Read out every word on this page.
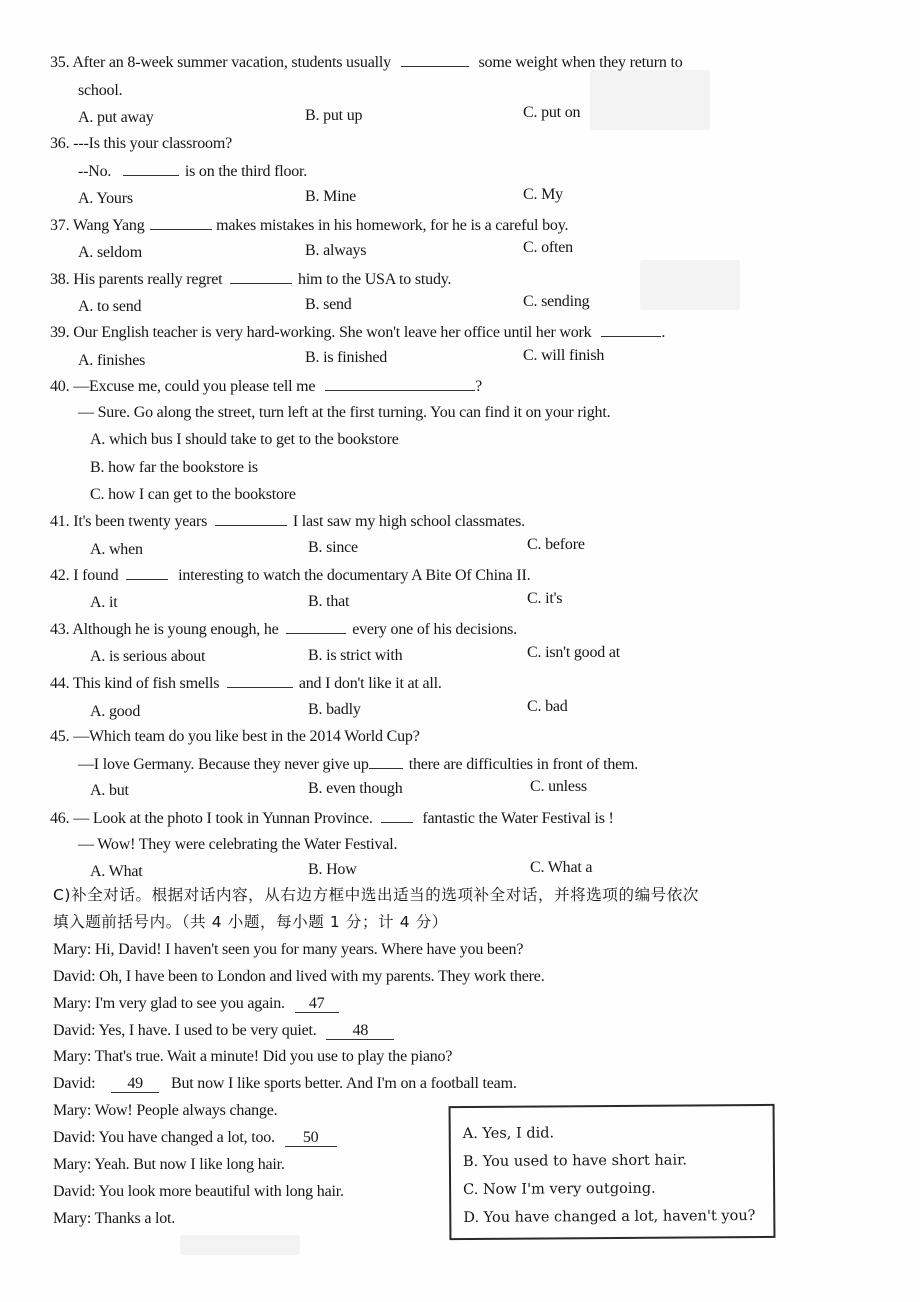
35. After an 8-week summer vacation, students usually	some weight when they return to
school.
A. put away	B. put up	C. put on
36. ---Is this your classroom?
--No.	is on the third floor.
A. Yours	B. Mine	C. My
37. Wang Yang	makes mistakes in his homework, for he is a careful boy.
A. seldom	B. always	C. often
38. His parents really regret	him to the USA to study.
A. to send	B. send	C. sending
39. Our English teacher is very hard-working. She won't leave her office until her work	.
A. finishes	B. is finished	C. will finish
40. —Excuse me, could you please tell me	?
— Sure. Go along the street, turn left at the first turning. You can find it on your right.
A. which bus I should take to get to the bookstore
B. how far the bookstore is
C. how I can get to the bookstore
41. It's been twenty years	I last saw my high school classmates.
A. when	B. since	C. before
42. I found	interesting to watch the documentary A Bite Of China II.
A. it	B. that	C. it's
43. Although he is young enough, he	every one of his decisions.
A. is serious about	B. is strict with	C. isn't good at
44. This kind of fish smells	and I don't like it at all.
A. good	B. badly	C. bad
45. —Which team do you like best in the 2014 World Cup?
—I love Germany. Because they never give up	there are difficulties in front of them.
A. but	B. even though	C. unless
46. — Look at the photo I took in Yunnan Province.	fantastic the Water Festival is !
— Wow! They were celebrating the Water Festival.
A. What	B. How	C. What a
C)补全对话。根据对话内容，从右边方框中选出适当的选项补全对话，并将选项的编号依次
填入题前括号内。（共 4 小题，每小题 1 分；计 4 分）
Mary: Hi, David! I haven't seen you for many years. Where have you been?
David: Oh, I have been to London and lived with my parents. They work there.
Mary: I'm very glad to see you again. 47
David: Yes, I have. I used to be very quiet. 48
Mary: That's true. Wait a minute! Did you use to play the piano?
David: 49 But now I like sports better. And I'm on a football team.
Mary: Wow! People always change.
David: You have changed a lot, too. 50
Mary: Yeah. But now I like long hair.
David: You look more beautiful with long hair.
Mary: Thanks a lot.
A. Yes, I did.
B. You used to have short hair.
C. Now I'm very outgoing.
D. You have changed a lot, haven't you?
